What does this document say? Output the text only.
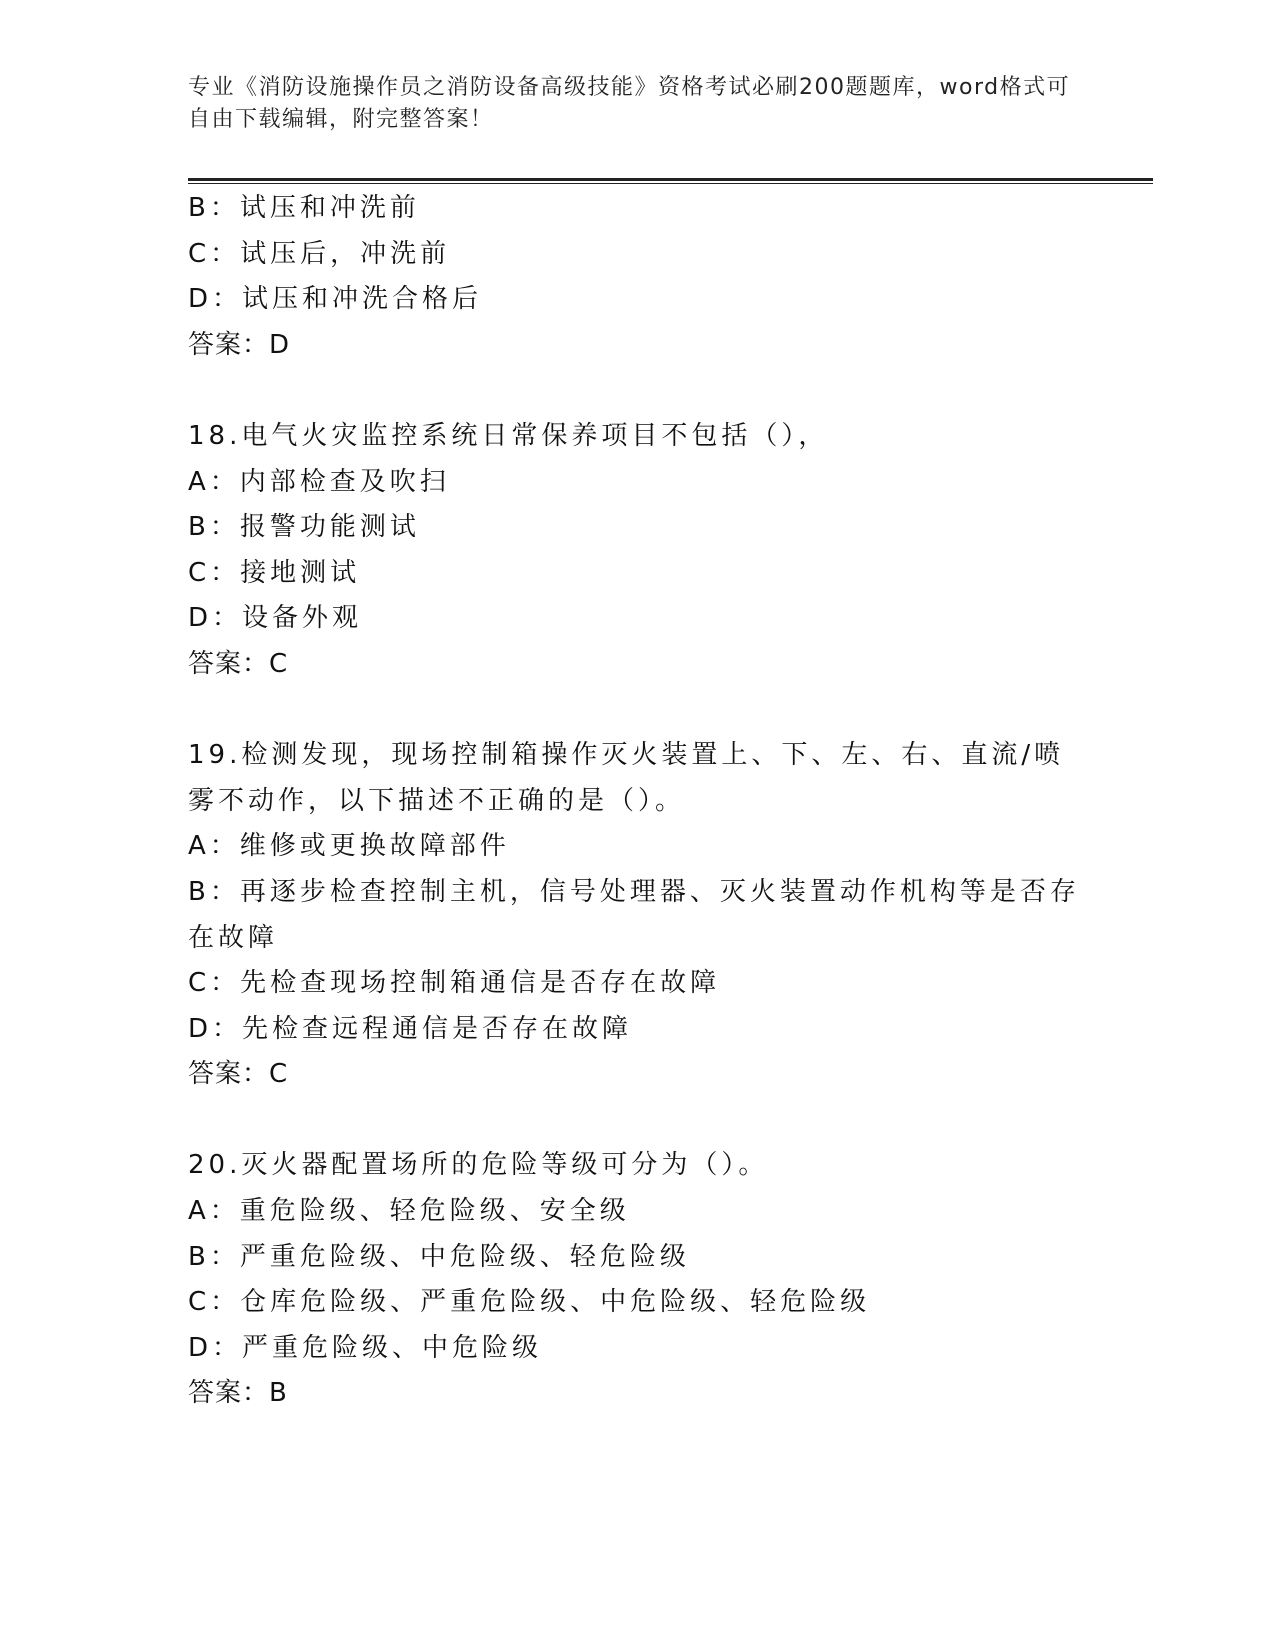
专业《消防设施操作员之消防设备高级技能》资格考试必刷200题题库，word格式可自由下载编辑，附完整答案！
B：试压和冲洗前
C：试压后，冲洗前
D：试压和冲洗合格后
答案：D
18.电气火灾监控系统日常保养项目不包括（），
A：内部检查及吹扫
B：报警功能测试
C：接地测试
D：设备外观
答案：C
19.检测发现，现场控制箱操作灭火装置上、下、左、右、直流/喷雾不动作，以下描述不正确的是（）。
A：维修或更换故障部件
B：再逐步检查控制主机，信号处理器、灭火装置动作机构等是否存在故障
C：先检查现场控制箱通信是否存在故障
D：先检查远程通信是否存在故障
答案：C
20.灭火器配置场所的危险等级可分为（）。
A：重危险级、轻危险级、安全级
B：严重危险级、中危险级、轻危险级
C：仓库危险级、严重危险级、中危险级、轻危险级
D：严重危险级、中危险级
答案：B
